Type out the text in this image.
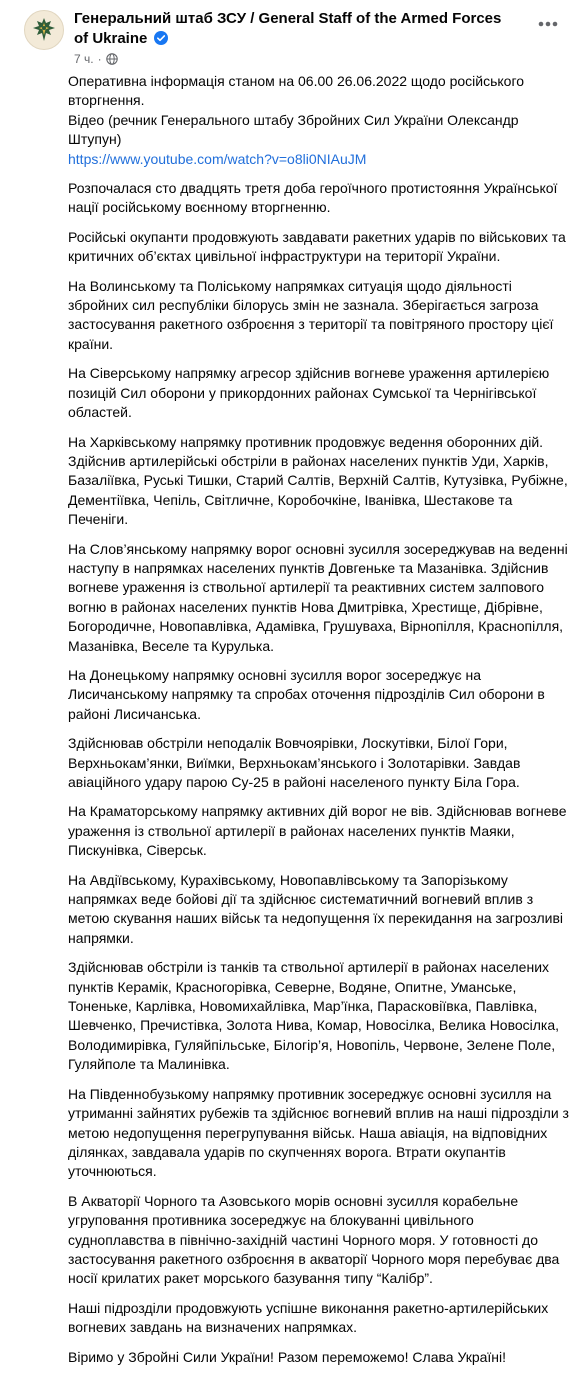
Генеральний штаб ЗСУ / General Staff of the Armed Forces of Ukraine
7 ч. ·

Оперативна інформація станом на 06.00 26.06.2022 щодо російського вторгнення.
Відео (речник Генерального штабу Збройних Сил України Олександр Штупун)
https://www.youtube.com/watch?v=o8li0NIAuJM

Розпочалася сто двадцять третя доба героїчного протистояння Української нації російському воєнному вторгненню.

Російські окупанти продовжують завдавати ракетних ударів по військових та критичних об’єктах цивільної інфраструктури на території України.

На Волинському та Поліському напрямках ситуація щодо діяльності збройних сил республіки білорусь змін не зазнала. Зберігається загроза застосування ракетного озброєння з території та повітряного простору цієї країни.

На Сіверському напрямку агресор здійснив вогневе ураження артилерією позицій Сил оборони у прикордонних районах Сумської та Чернігівської областей.

На Харківському напрямку противник продовжує ведення оборонних дій. Здійснив артилерійські обстріли в районах населених пунктів Уди, Харків, Базаліївка, Руські Тишки, Старий Салтів, Верхній Салтів, Кутузівка, Рубіжне, Дементіївка, Чепіль, Світличне, Коробочкіне, Іванівка, Шестакове та Печеніги.

На Слов’янському напрямку ворог основні зусилля зосереджував на веденні наступу в напрямках населених пунктів Довгеньке та Мазанівка. Здійснив вогневе ураження із ствольної артилерії та реактивних систем залпового вогню в районах населених пунктів Нова Дмитрівка, Хрестище, Дібрівне, Богородичне, Новопавлівка, Адамівка, Грушуваха, Вірнопілля, Краснопілля, Мазанівка, Веселе та Курулька.

На Донецькому напрямку основні зусилля ворог зосереджує на Лисичанському напрямку та спробах оточення підрозділів Сил оборони в районі Лисичанська.

Здійснював обстріли неподалік Вовчоярівки, Лоскутівки, Білої Гори, Верхньокам’янки, Виїмки, Верхньокам’янського і Золотарівки. Завдав авіаційного удару парою Су-25 в районі населеного пункту Біла Гора.

На Краматорському напрямку активних дій ворог не вів. Здійснював вогневе ураження із ствольної артилерії в районах населених пунктів Маяки, Пискунівка, Сіверськ.

На Авдіївському, Курахівському, Новопавлівському та Запорізькому напрямках веде бойові дії та здійснює систематичний вогневий вплив з метою скування наших військ та недопущення їх перекидання на загрозливі напрямки.

Здійснював обстріли із танків та ствольної артилерії в районах населених пунктів Керамік, Красногорівка, Северне, Водяне, Опитне, Уманське, Тоненьке, Карлівка, Новомихайлівка, Мар’їнка, Парасковіївка, Павлівка, Шевченко, Пречистівка, Золота Нива, Комар, Новосілка, Велика Новосілка, Володимирівка, Гуляйпільське, Білогір’я, Новопіль, Червоне, Зелене Поле, Гуляйполе та Малинівка.

На Південнобузькому напрямку противник зосереджує основні зусилля на утриманні зайнятих рубежів та здійснює вогневий вплив на наші підрозділи з метою недопущення перегрупування військ. Наша авіація, на відповідних ділянках, завдавала ударів по скупченнях ворога. Втрати окупантів уточнюються.

В Акваторії Чорного та Азовського морів основні зусилля корабельне угруповання противника зосереджує на блокуванні цивільного судноплавства в північно-західній частині Чорного моря. У готовності до застосування ракетного озброєння в акваторії Чорного моря перебуває два носії крилатих ракет морського базування типу “Калібр”.

Наші підрозділи продовжують успішне виконання ракетно-артилерійських вогневих завдань на визначених напрямках.

Віримо у Збройні Сили України! Разом переможемо! Слава Україні!
